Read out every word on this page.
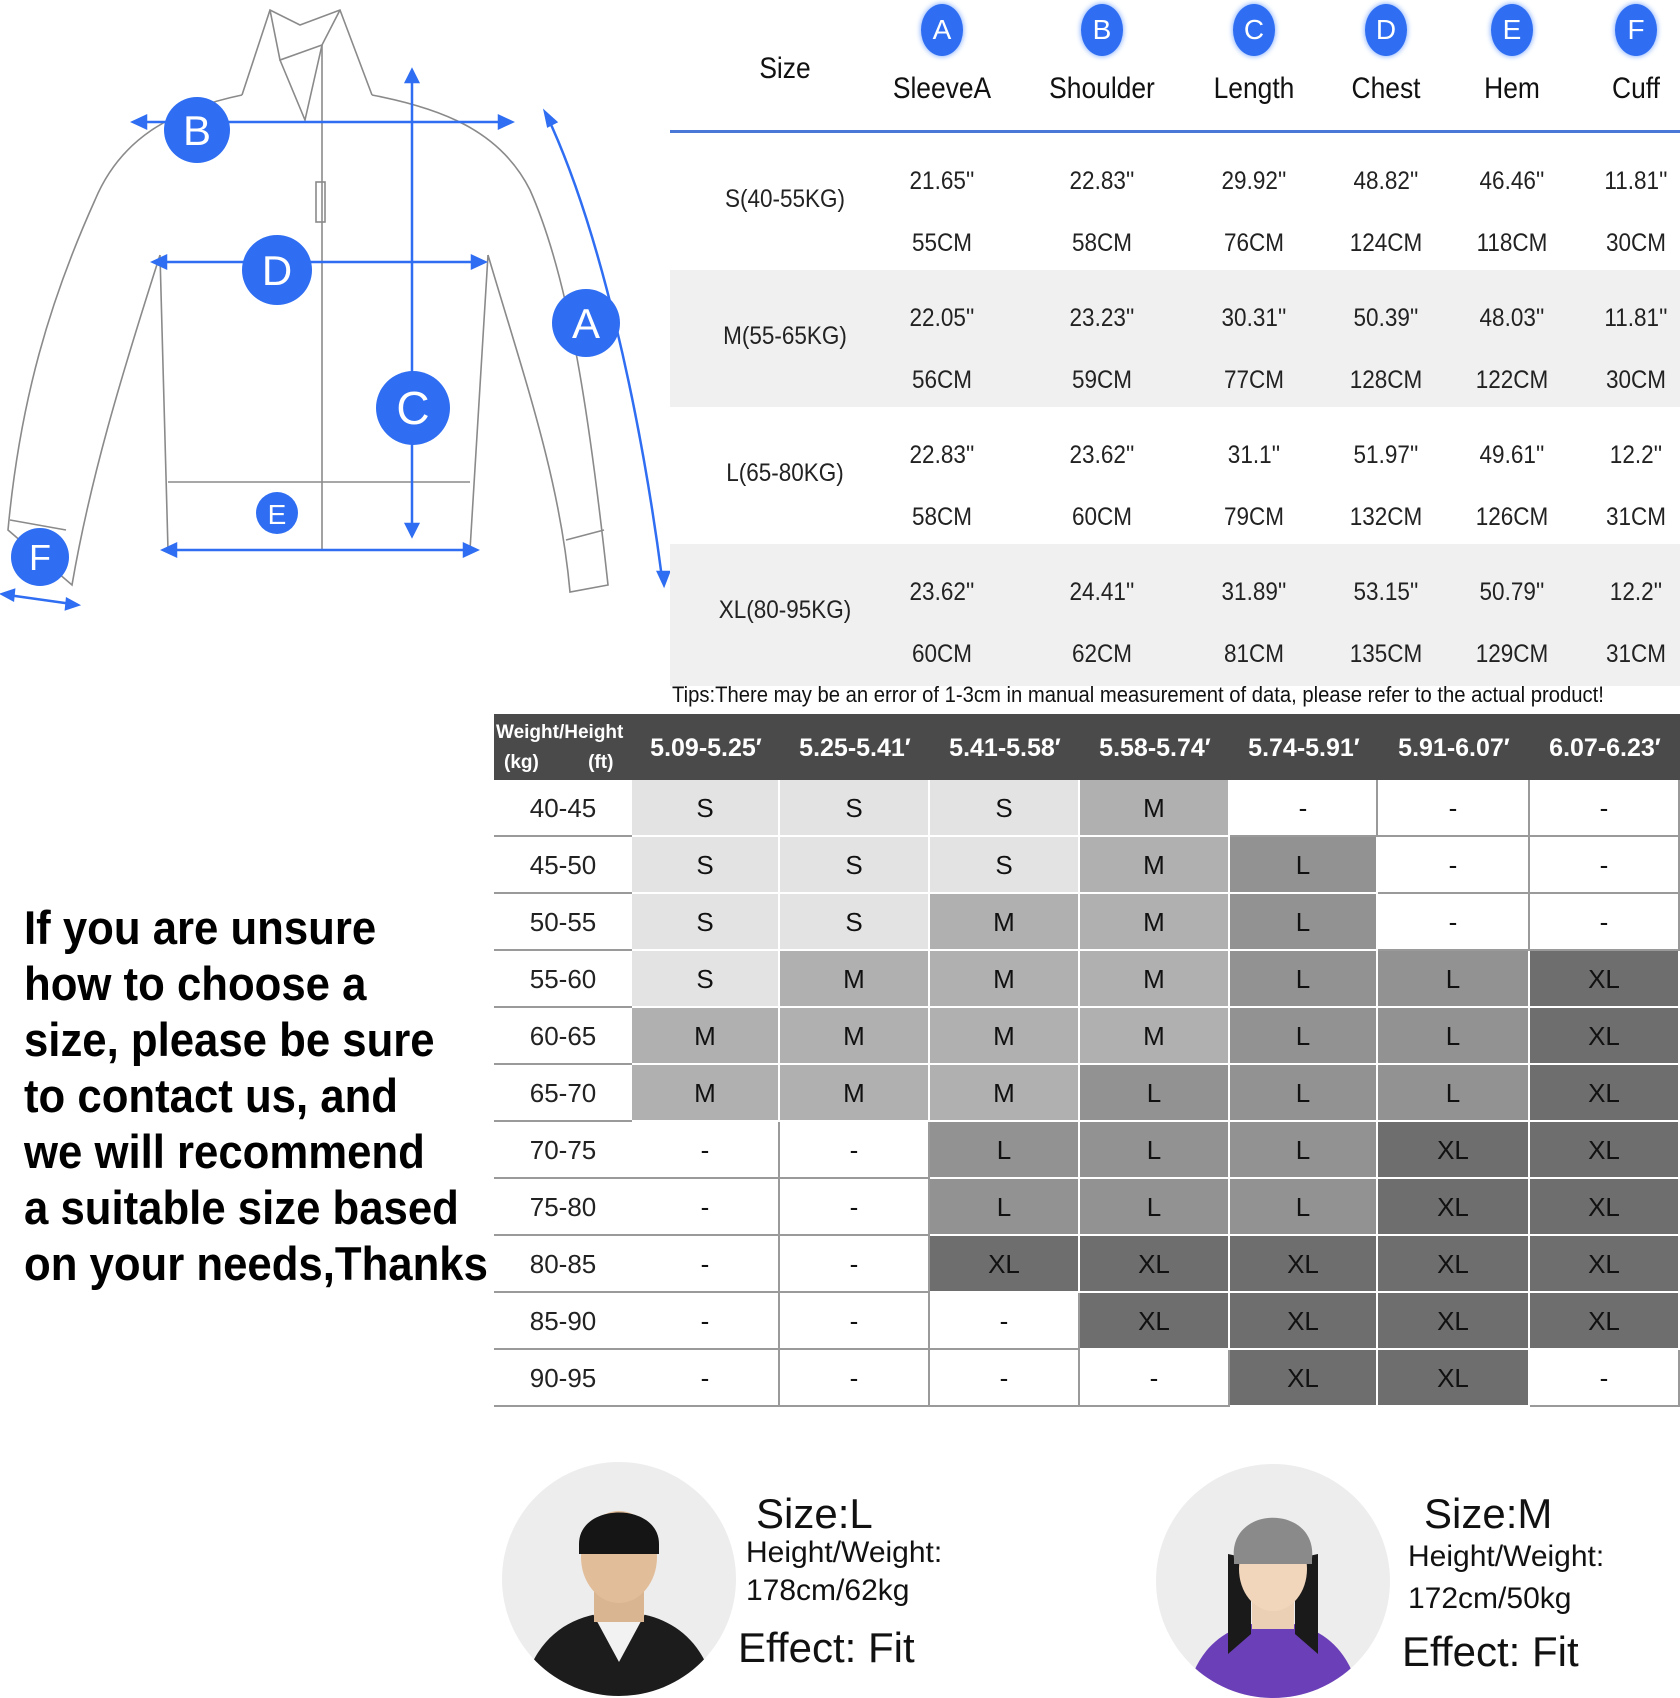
B
D
C
A
E
F
Size
A
SleeveA
B
Shoulder
C
Length
D
Chest
E
Hem
F
Cuff
S(40-55KG)
21.65''	22.83''	29.92''	48.82''	46.46''	11.81''
55CM	58CM	76CM	124CM	118CM	30CM
M(55-65KG)
22.05''	23.23''	30.31''	50.39''	48.03''	11.81''
56CM	59CM	77CM	128CM	122CM	30CM
L(65-80KG)
22.83''	23.62''	31.1''	51.97''	49.61''	12.2''
58CM	60CM	79CM	132CM	126CM	31CM
XL(80-95KG)
23.62''	24.41''	31.89''	53.15''	50.79''	12.2''
60CM	62CM	81CM	135CM	129CM	31CM
Tips:There may be an error of 1-3cm in manual measurement of data, please refer to the actual product!
Weight/Height
(kg)	(ft)
5.09-5.25′	5.25-5.41′	5.41-5.58′	5.58-5.74′	5.74-5.91′	5.91-6.07′	6.07-6.23′
40-45	S	S	S	M	-	-	-
45-50	S	S	S	M	L	-	-
50-55	S	S	M	M	L	-	-
55-60	S	M	M	M	L	L	XL
60-65	M	M	M	M	L	L	XL
65-70	M	M	M	L	L	L	XL
70-75	-	-	L	L	L	XL	XL
75-80	-	-	L	L	L	XL	XL
80-85	-	-	XL	XL	XL	XL	XL
85-90	-	-	-	XL	XL	XL	XL
90-95	-	-	-	-	XL	XL	-
If you are unsure
how to choose a
size, please be sure
to contact us, and
we will recommend
a suitable size based
on your needs,Thanks
Size:L
Height/Weight:
178cm/62kg
Effect: Fit
Size:M
Height/Weight:
172cm/50kg
Effect: Fit
